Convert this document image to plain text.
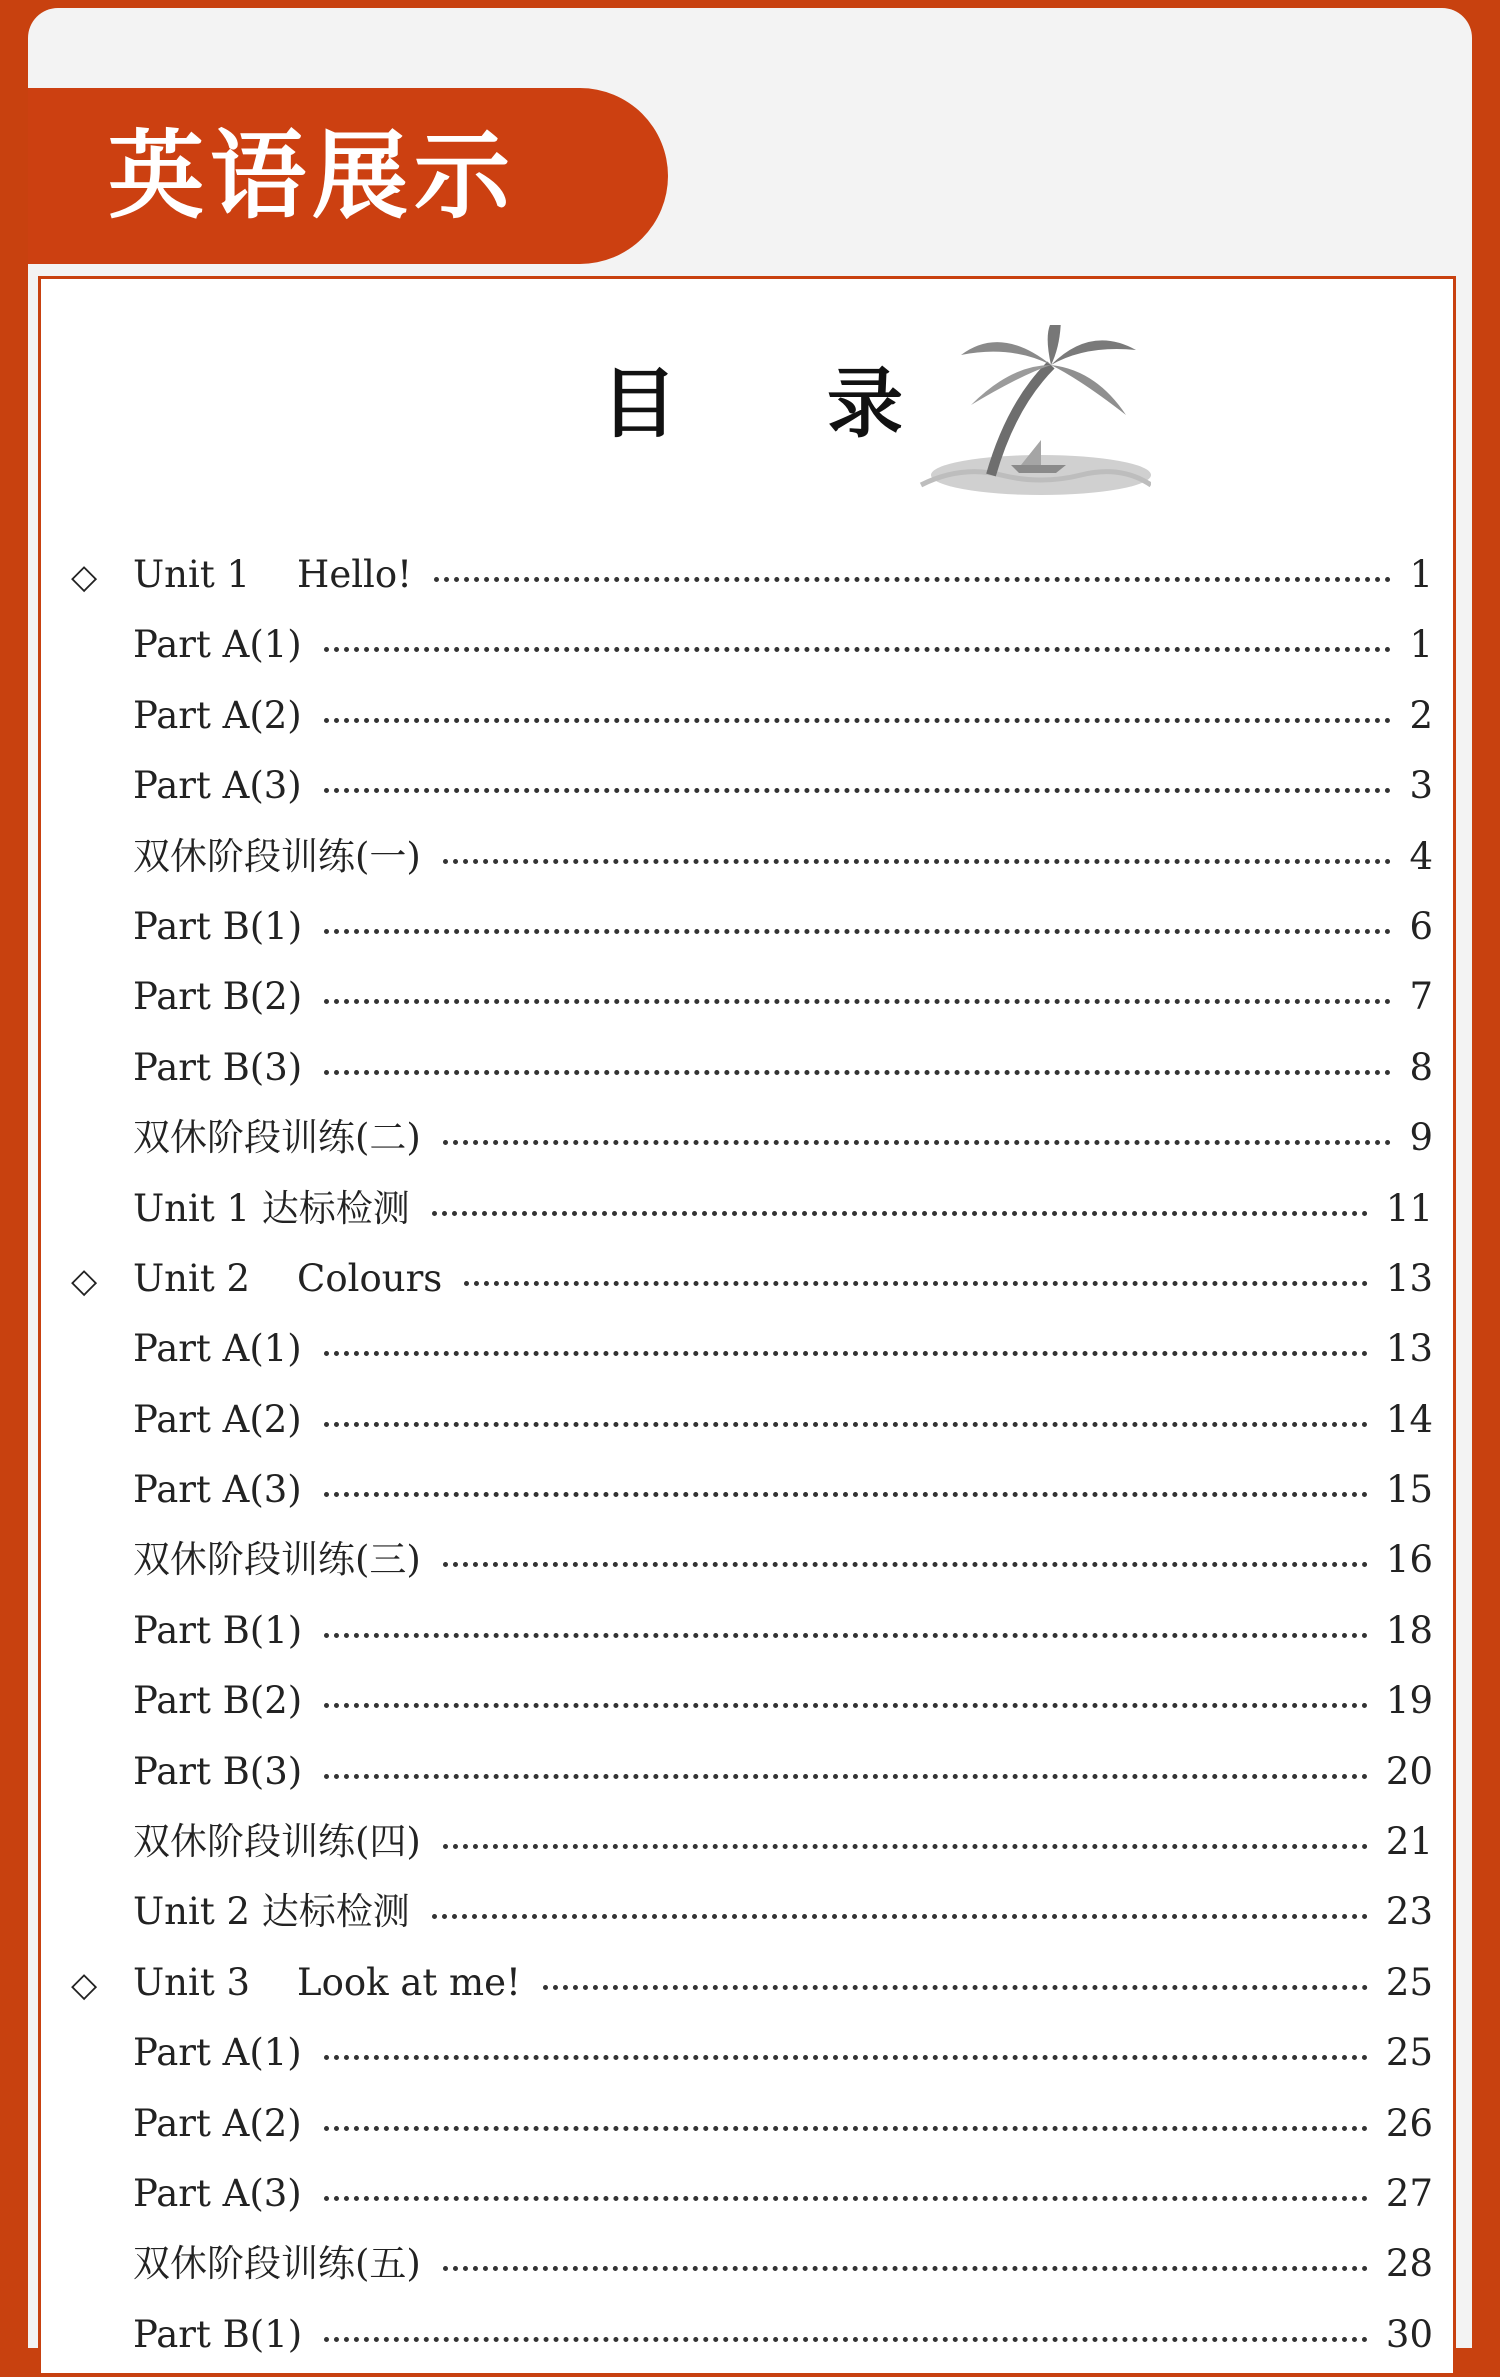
英语展示
目 录
◇ Unit 1    Hello!	1
Part A(1)	1
Part A(2)	2
Part A(3)	3
双休阶段训练(一)	4
Part B(1)	6
Part B(2)	7
Part B(3)	8
双休阶段训练(二)	9
Unit 1 达标检测	11
◇ Unit 2    Colours	13
Part A(1)	13
Part A(2)	14
Part A(3)	15
双休阶段训练(三)	16
Part B(1)	18
Part B(2)	19
Part B(3)	20
双休阶段训练(四)	21
Unit 2 达标检测	23
◇ Unit 3    Look at me!	25
Part A(1)	25
Part A(2)	26
Part A(3)	27
双休阶段训练(五)	28
Part B(1)	30
